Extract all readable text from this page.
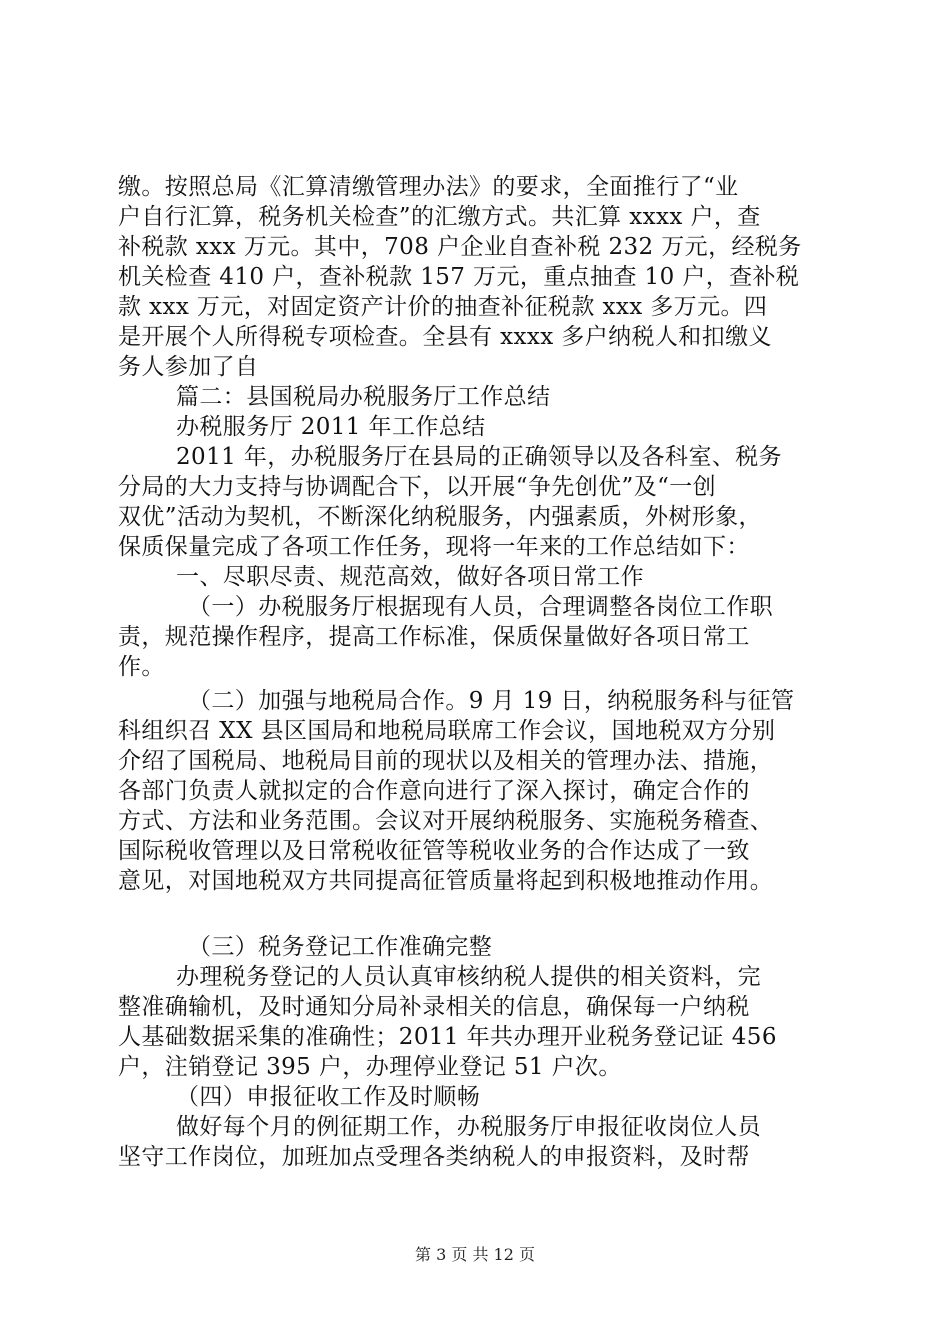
缴。按照总局《汇算清缴管理办法》的要求，全面推行了“业
户自行汇算，税务机关检查”的汇缴方式。共汇算 xxxx 户，查
补税款 xxx 万元。其中，708 户企业自查补税 232 万元，经税务
机关检查 410 户，查补税款 157 万元，重点抽查 10 户，查补税
款 xxx 万元，对固定资产计价的抽查补征税款 xxx 多万元。四
是开展个人所得税专项检查。全县有 xxxx 多户纳税人和扣缴义
务人参加了自
篇二：县国税局办税服务厅工作总结
办税服务厅 2011 年工作总结
2011 年，办税服务厅在县局的正确领导以及各科室、税务
分局的大力支持与协调配合下，以开展“争先创优”及“一创
双优”活动为契机，不断深化纳税服务，内强素质，外树形象，
保质保量完成了各项工作任务，现将一年来的工作总结如下：
一、尽职尽责、规范高效，做好各项日常工作
（一）办税服务厅根据现有人员，合理调整各岗位工作职
责，规范操作程序，提高工作标准，保质保量做好各项日常工
作。
（二）加强与地税局合作。9 月 19 日，纳税服务科与征管
科组织召 XX 县区国局和地税局联席工作会议，国地税双方分别
介绍了国税局、地税局目前的现状以及相关的管理办法、措施，
各部门负责人就拟定的合作意向进行了深入探讨，确定合作的
方式、方法和业务范围。会议对开展纳税服务、实施税务稽查、
国际税收管理以及日常税收征管等税收业务的合作达成了一致
意见，对国地税双方共同提高征管质量将起到积极地推动作用。
（三）税务登记工作准确完整
办理税务登记的人员认真审核纳税人提供的相关资料，完
整准确输机，及时通知分局补录相关的信息，确保每一户纳税
人基础数据采集的准确性；2011 年共办理开业税务登记证 456
户，注销登记 395 户，办理停业登记 51 户次。
（四）申报征收工作及时顺畅
做好每个月的例征期工作，办税服务厅申报征收岗位人员
坚守工作岗位，加班加点受理各类纳税人的申报资料，及时帮
第 3 页 共 12 页
